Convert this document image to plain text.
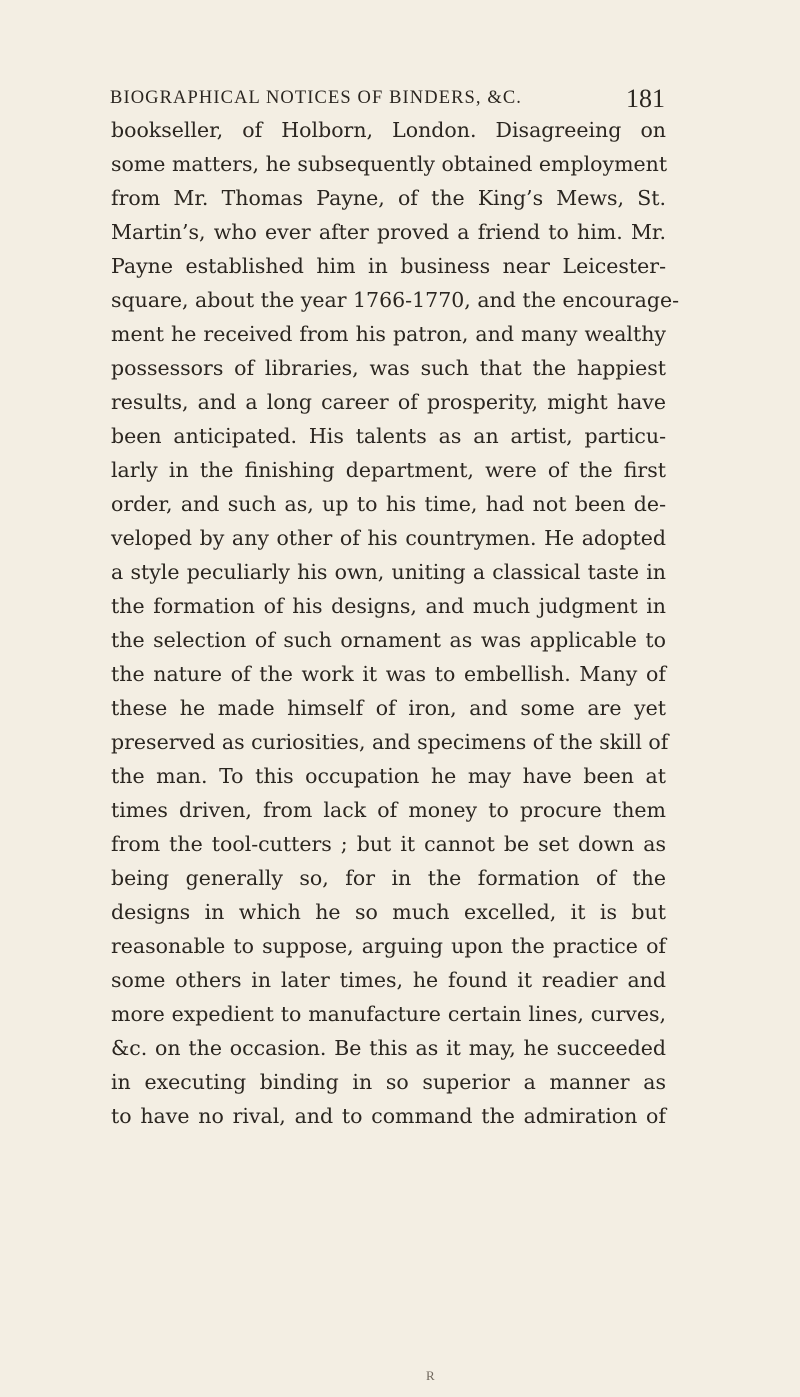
BIOGRAPHICAL NOTICES OF BINDERS, &C.	181
bookseller, of Holborn, London. Disagreeing on
some matters, he subsequently obtained employment
from Mr. Thomas Payne, of the King’s Mews, St.
Martin’s, who ever after proved a friend to him. Mr.
Payne established him in business near Leicester-
square, about the year 1766-1770, and the encourage-
ment he received from his patron, and many wealthy
possessors of libraries, was such that the happiest
results, and a long career of prosperity, might have
been anticipated. His talents as an artist, particu-
larly in the finishing department, were of the first
order, and such as, up to his time, had not been de-
veloped by any other of his countrymen. He adopted
a style peculiarly his own, uniting a classical taste in
the formation of his designs, and much judgment in
the selection of such ornament as was applicable to
the nature of the work it was to embellish. Many of
these he made himself of iron, and some are yet
preserved as curiosities, and specimens of the skill of
the man. To this occupation he may have been at
times driven, from lack of money to procure them
from the tool-cutters ; but it cannot be set down as
being generally so, for in the formation of the
designs in which he so much excelled, it is but
reasonable to suppose, arguing upon the practice of
some others in later times, he found it readier and
more expedient to manufacture certain lines, curves,
&c. on the occasion. Be this as it may, he succeeded
in executing binding in so superior a manner as
to have no rival, and to command the admiration of
R
